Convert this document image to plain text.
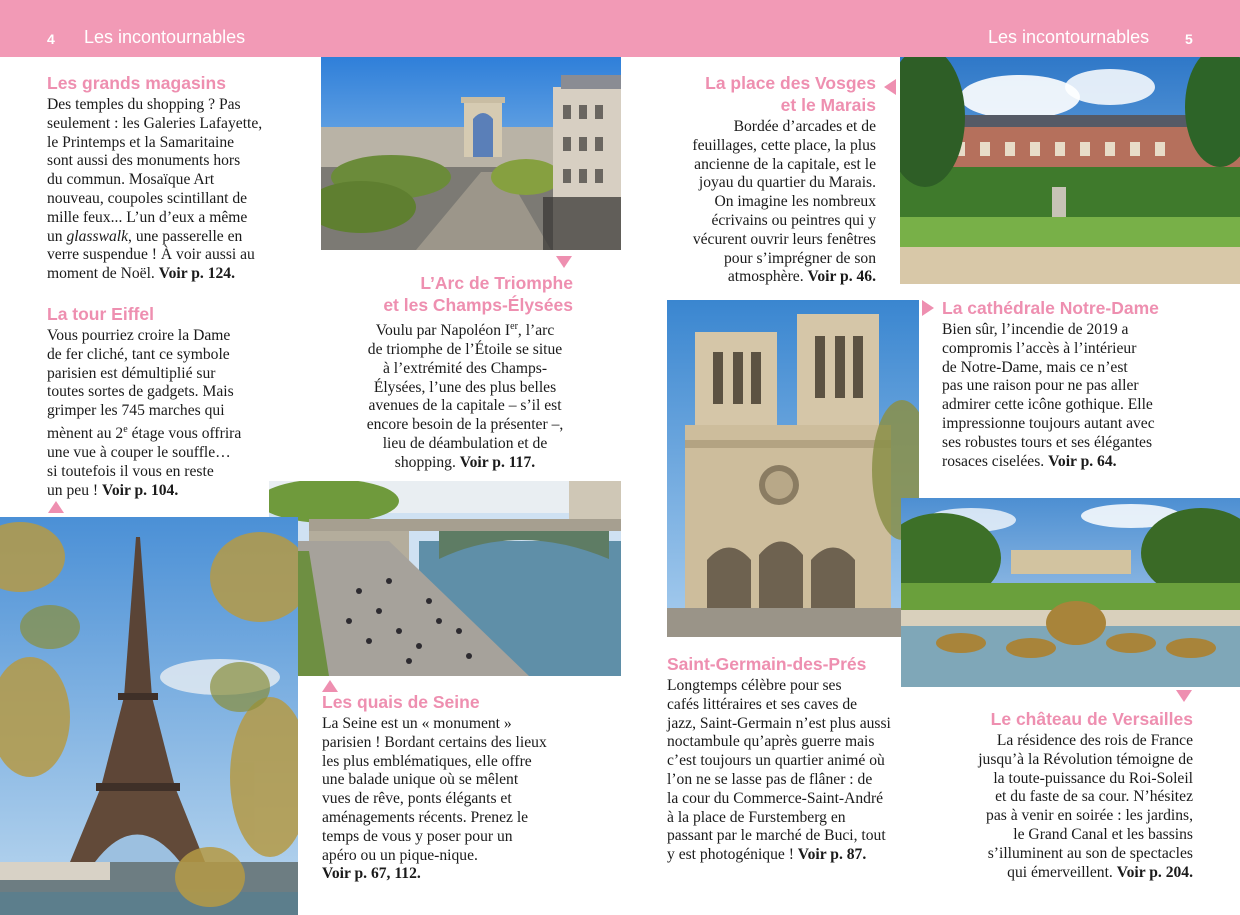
4 Les incontournables	Les incontournables	5
Les grands magasins
Des temples du shopping ? Pas
seulement : les Galeries Lafayette,
le Printemps et la Samaritaine
sont aussi des monuments hors
du commun. Mosaïque Art
nouveau, coupoles scintillant de
mille feux... L’un d’eux a même
un glasswalk, une passerelle en
verre suspendue ! À voir aussi au
moment de Noël. Voir p. 124.
La tour Eiffel
Vous pourriez croire la Dame
de fer cliché, tant ce symbole
parisien est démultiplié sur
toutes sortes de gadgets. Mais
grimper les 745 marches qui
mènent au 2e étage vous offrira
une vue à couper le souffle…
si toutefois il vous en reste
un peu ! Voir p. 104.
L’Arc de Triomphe
et les Champs-Élysées
Voulu par Napoléon Ier, l’arc
de triomphe de l’Étoile se situe
à l’extrémité des Champs-
Élysées, l’une des plus belles
avenues de la capitale – s’il est
encore besoin de la présenter –,
lieu de déambulation et de
shopping. Voir p. 117.
Les quais de Seine
La Seine est un « monument »
parisien ! Bordant certains des lieux
les plus emblématiques, elle offre
une balade unique où se mêlent
vues de rêve, ponts élégants et
aménagements récents. Prenez le
temps de vous y poser pour un
apéro ou un pique-nique.
Voir p. 67, 112.
La place des Vosges
et le Marais
Bordée d’arcades et de
feuillages, cette place, la plus
ancienne de la capitale, est le
joyau du quartier du Marais.
On imagine les nombreux
écrivains ou peintres qui y
vécurent ouvrir leurs fenêtres
pour s’imprégner de son
atmosphère. Voir p. 46.
La cathédrale Notre-Dame
Bien sûr, l’incendie de 2019 a
compromis l’accès à l’intérieur
de Notre-Dame, mais ce n’est
pas une raison pour ne pas aller
admirer cette icône gothique. Elle
impressionne toujours autant avec
ses robustes tours et ses élégantes
rosaces ciselées. Voir p. 64.
Saint-Germain-des-Prés
Longtemps célèbre pour ses
cafés littéraires et ses caves de
jazz, Saint-Germain n’est plus aussi
noctambule qu’après guerre mais
c’est toujours un quartier animé où
l’on ne se lasse pas de flâner : de
la cour du Commerce-Saint-André
à la place de Furstemberg en
passant par le marché de Buci, tout
y est photogénique ! Voir p. 87.
Le château de Versailles
La résidence des rois de France
jusqu’à la Révolution témoigne de
la toute-puissance du Roi-Soleil
et du faste de sa cour. N’hésitez
pas à venir en soirée : les jardins,
le Grand Canal et les bassins
s’illuminent au son de spectacles
qui émerveillent. Voir p. 204.
